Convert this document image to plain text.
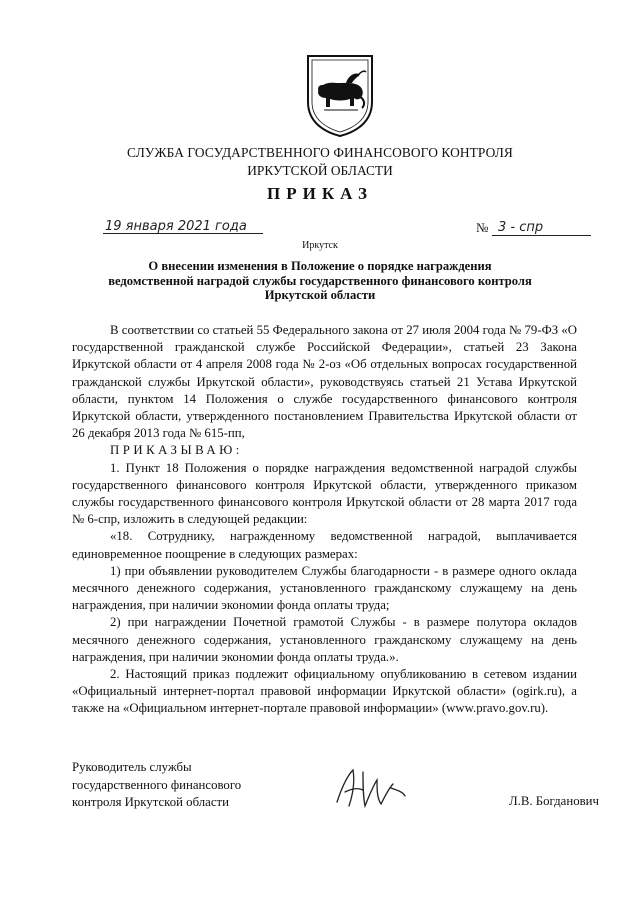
СЛУЖБА ГОСУДАРСТВЕННОГО ФИНАНСОВОГО КОНТРОЛЯ
ИРКУТСКОЙ ОБЛАСТИ
ПРИКАЗ
19 января 2021 года	№ 3 - спр
Иркутск
О внесении изменения в Положение о порядке награждения
ведомственной наградой службы государственного финансового контроля
Иркутской области

В соответствии со статьей 55 Федерального закона от 27 июля 2004 года № 79-ФЗ «О государственной гражданской службе Российской Федерации», статьей 23 Закона Иркутской области от 4 апреля 2008 года № 2-оз «Об отдельных вопросах государственной гражданской службы Иркутской области», руководствуясь статьей 21 Устава Иркутской области, пунктом 14 Положения о службе государственного финансового контроля Иркутской области, утвержденного постановлением Правительства Иркутской области от 26 декабря 2013 года № 615-пп,

ПРИКАЗЫВАЮ:

1. Пункт 18 Положения о порядке награждения ведомственной наградой службы государственного финансового контроля Иркутской области, утвержденного приказом службы государственного финансового контроля Иркутской области от 28 марта 2017 года № 6-спр, изложить в следующей редакции:

«18. Сотруднику, награжденному ведомственной наградой, выплачивается единовременное поощрение в следующих размерах:

1) при объявлении руководителем Службы благодарности - в размере одного оклада месячного денежного содержания, установленного гражданскому служащему на день награждения, при наличии экономии фонда оплаты труда;

2) при награждении Почетной грамотой Службы - в размере полутора окладов месячного денежного содержания, установленного гражданскому служащему на день награждения, при наличии экономии фонда оплаты труда.».

2. Настоящий приказ подлежит официальному опубликованию в сетевом издании «Официальный интернет-портал правовой информации Иркутской области» (ogirk.ru), а также на «Официальном интернет-портале правовой информации» (www.pravo.gov.ru).

Руководитель службы
государственного финансового
контроля Иркутской области	Л.В. Богданович
